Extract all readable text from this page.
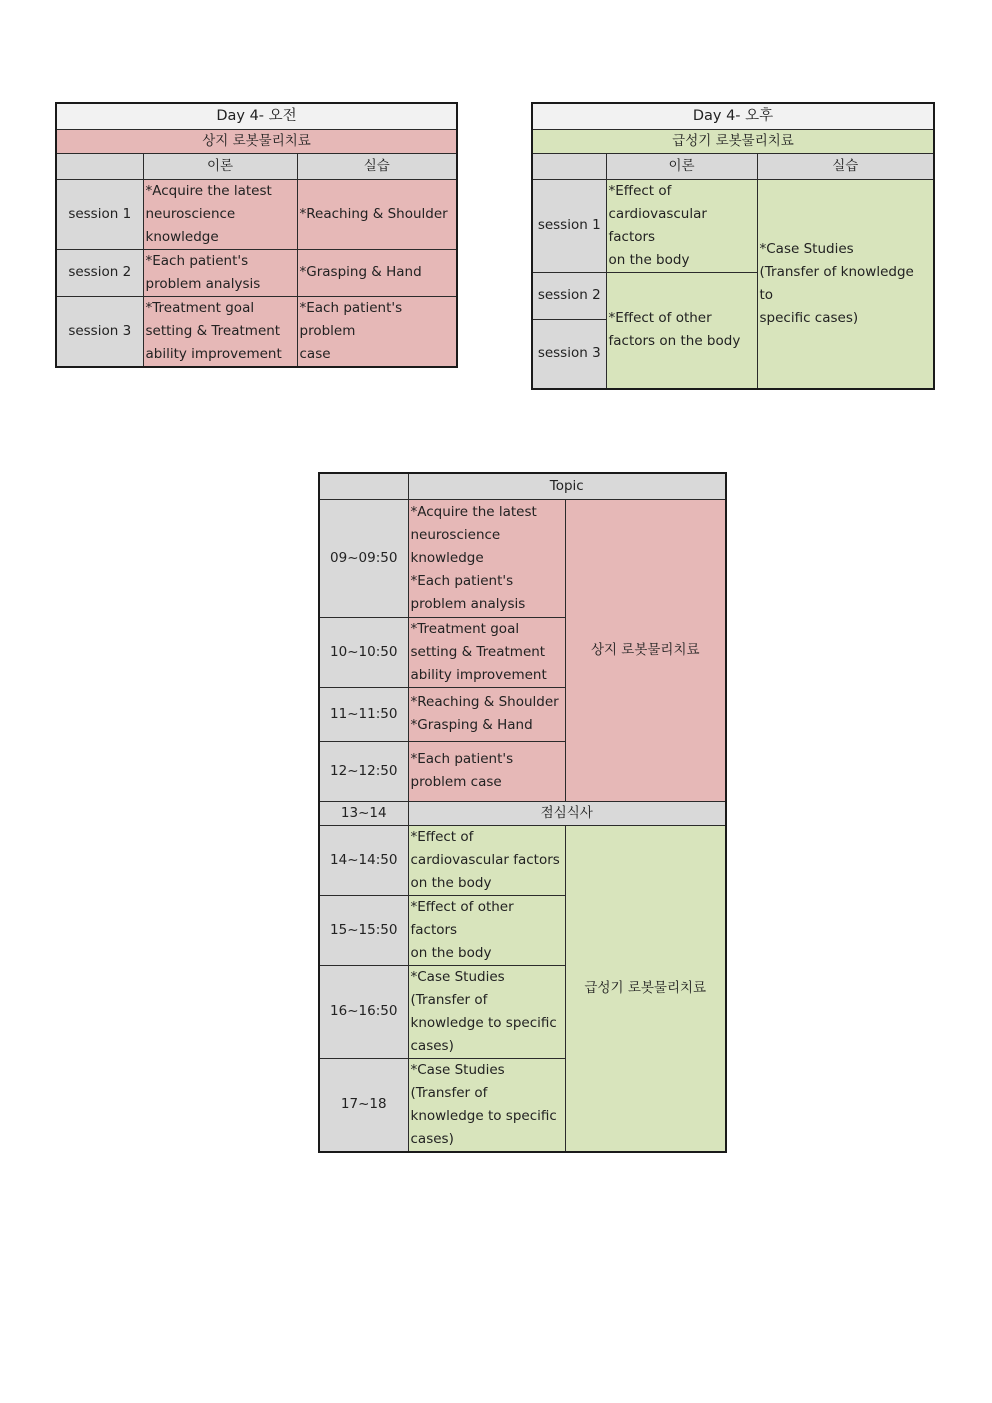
Day 4- 오전		
상지 로봇물리치료		
	이론	실습
session 1	*Acquire the latest
neuroscience
knowledge	*Reaching & Shoulder
session 2	*Each patient's
problem analysis	*Grasping & Hand
session 3	*Treatment goal
setting & Treatment
ability improvement	*Each patient's problem
case
Day 4- 오후		
급성기 로봇물리치료		
	이론	실습
session 1	*Effect of
cardiovascular factors
on the body	*Case Studies
(Transfer of knowledge to
specific cases)
session 2	*Effect of other
factors on the body	
session 3		
	Topic	
09~09:50	*Acquire the latest
neuroscience
knowledge
*Each patient's
problem analysis	상지 로봇물리치료
10~10:50	*Treatment goal
setting & Treatment
ability improvement	
11~11:50	*Reaching & Shoulder
*Grasping & Hand	
12~12:50	*Each patient's
problem case	
13~14	점심식사	
14~14:50	*Effect of
cardiovascular factors
on the body	급성기 로봇물리치료
15~15:50	*Effect of other factors
on the body	
16~16:50	*Case Studies
(Transfer of
knowledge to specific
cases)	
17~18	*Case Studies
(Transfer of
knowledge to specific
cases)	
